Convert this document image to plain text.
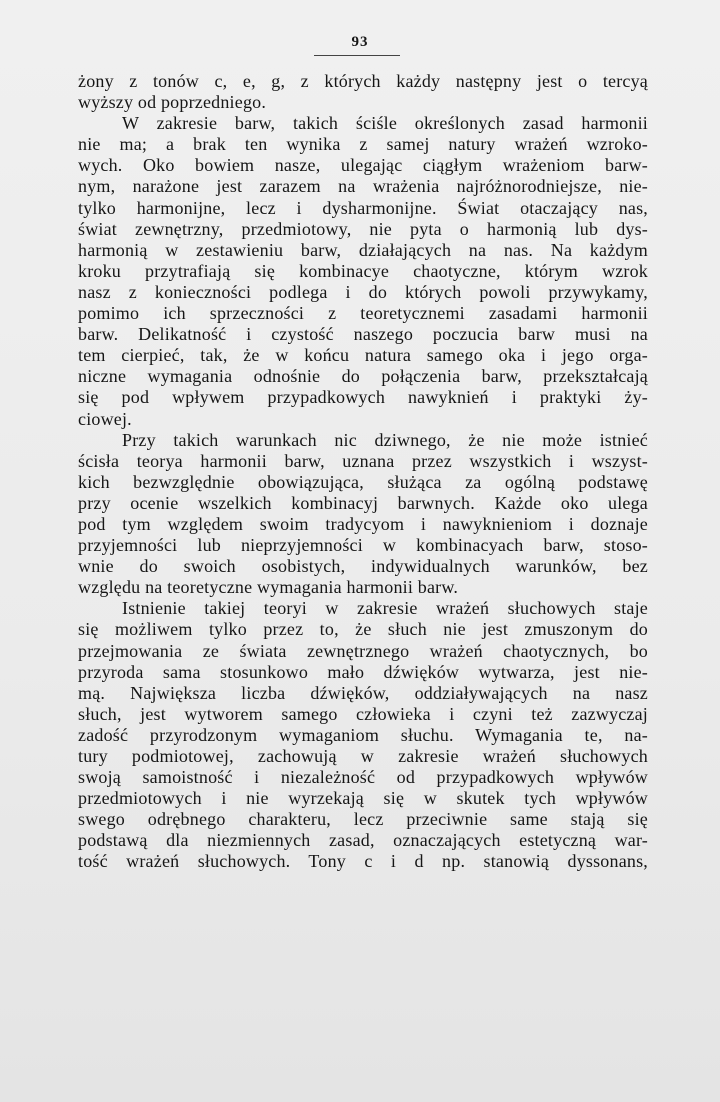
93
żony z tonów c, e, g, z których każdy następny jest o tercyą
wyższy od poprzedniego.
W zakresie barw, takich ściśle określonych zasad harmonii
nie ma; a brak ten wynika z samej natury wrażeń wzroko-
wych. Oko bowiem nasze, ulegając ciągłym wrażeniom barw-
nym, narażone jest zarazem na wrażenia najróżnorodniejsze, nie-
tylko harmonijne, lecz i dysharmonijne. Świat otaczający nas,
świat zewnętrzny, przedmiotowy, nie pyta o harmonią lub dys-
harmonią w zestawieniu barw, działających na nas. Na każdym
kroku przytrafiają się kombinacye chaotyczne, którym wzrok
nasz z konieczności podlega i do których powoli przywykamy,
pomimo ich sprzeczności z teoretycznemi zasadami harmonii
barw. Delikatność i czystość naszego poczucia barw musi na
tem cierpieć, tak, że w końcu natura samego oka i jego orga-
niczne wymagania odnośnie do połączenia barw, przekształcają
się pod wpływem przypadkowych nawyknień i praktyki ży-
ciowej.
Przy takich warunkach nic dziwnego, że nie może istnieć
ścisła teorya harmonii barw, uznana przez wszystkich i wszyst-
kich bezwzględnie obowiązująca, służąca za ogólną podstawę
przy ocenie wszelkich kombinacyj barwnych. Każde oko ulega
pod tym względem swoim tradycyom i nawyknieniom i doznaje
przyjemności lub nieprzyjemności w kombinacyach barw, stoso-
wnie do swoich osobistych, indywidualnych warunków, bez
względu na teoretyczne wymagania harmonii barw.
Istnienie takiej teoryi w zakresie wrażeń słuchowych staje
się możliwem tylko przez to, że słuch nie jest zmuszonym do
przejmowania ze świata zewnętrznego wrażeń chaotycznych, bo
przyroda sama stosunkowo mało dźwięków wytwarza, jest nie-
mą. Największa liczba dźwięków, oddziaływających na nasz
słuch, jest wytworem samego człowieka i czyni też zazwyczaj
zadość przyrodzonym wymaganiom słuchu. Wymagania te, na-
tury podmiotowej, zachowują w zakresie wrażeń słuchowych
swoją samoistność i niezależność od przypadkowych wpływów
przedmiotowych i nie wyrzekają się w skutek tych wpływów
swego odrębnego charakteru, lecz przeciwnie same stają się
podstawą dla niezmiennych zasad, oznaczających estetyczną war-
tość wrażeń słuchowych. Tony c i d np. stanowią dyssonans,
